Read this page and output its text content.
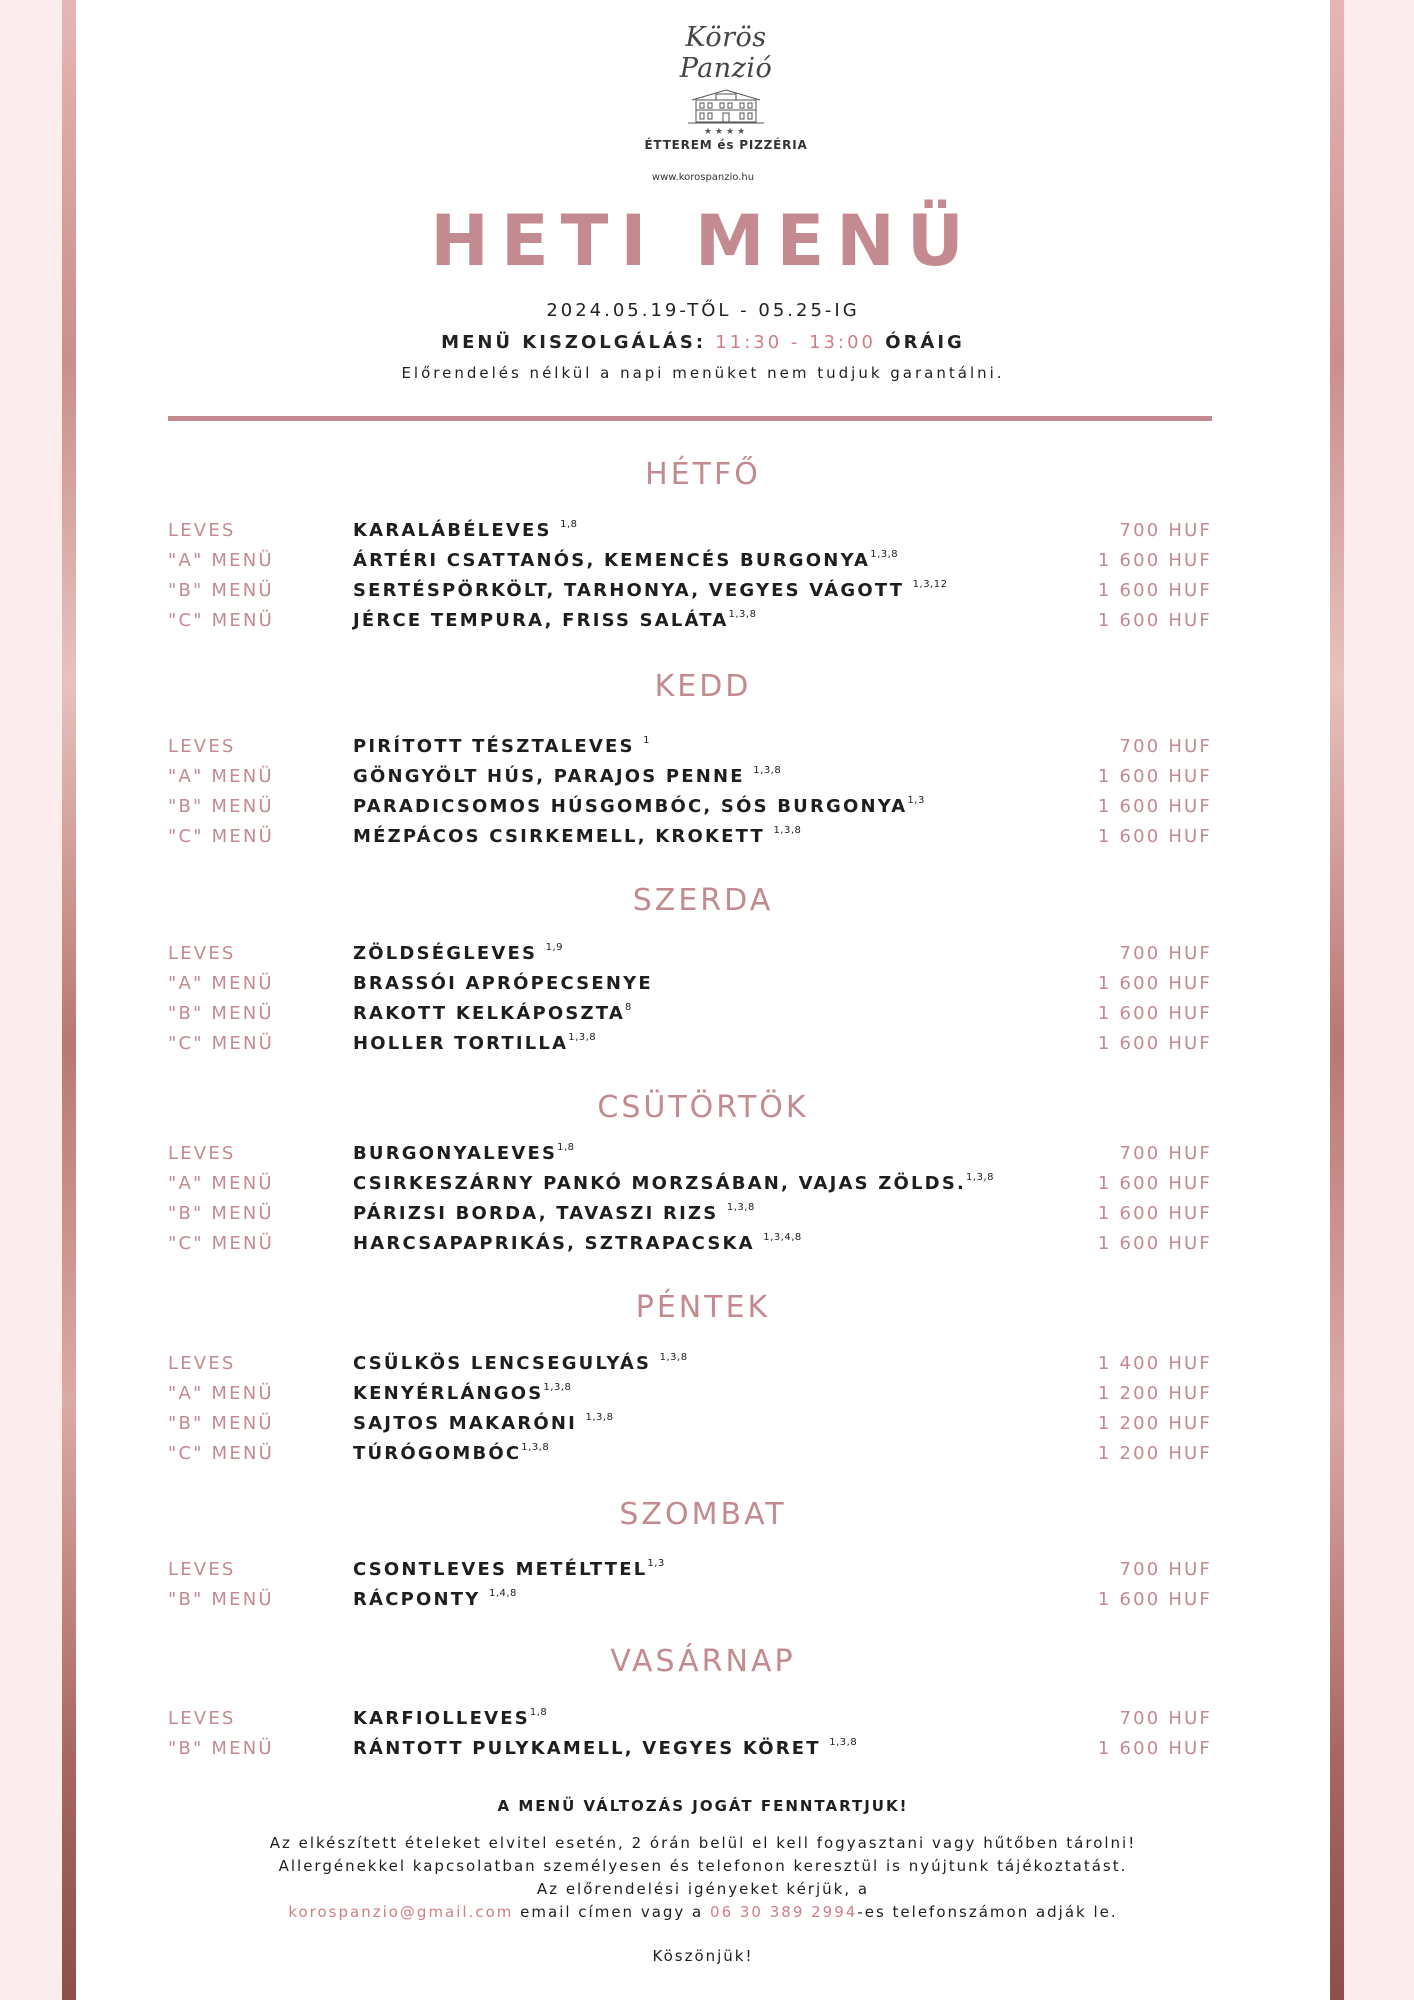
Körös Panzió
★★★★
ÉTTEREM és PIZZÉRIA
www.korospanzio.hu
HETI MENÜ
2024.05.19-TŐL - 05.25-IG
MENÜ KISZOLGÁLÁS: 11:30 - 13:00 ÓRÁIG
Előrendelés nélkül a napi menüket nem tudjuk garantálni.
HÉTFŐ
LEVES	KARALÁBÉLEVES $^{1,8}$	700 HUF
"A" MENÜ	ÁRTÉRI CSATTANÓS, KEMENCÉS BURGONYA$^{1,3,8}$	1 600 HUF
"B" MENÜ	SERTÉSPÖRKÖLT, TARHONYA, VEGYES VÁGOTT $^{1,3,12}$	1 600 HUF
"C" MENÜ	JÉRCE TEMPURA, FRISS SALÁTA$^{1,3,8}$	1 600 HUF
KEDD
LEVES	PIRÍTOTT TÉSZTALEVES $^1$	700 HUF
"A" MENÜ	GÖNGYÖLT HÚS, PARAJOS PENNE $^{1,3,8}$	1 600 HUF
"B" MENÜ	PARADICSOMOS HÚSGOMBÓC, SÓS BURGONYA$^{1,3}$	1 600 HUF
"C" MENÜ	MÉZPÁCOS CSIRKEMELL, KROKETT $^{1,3,8}$	1 600 HUF
SZERDA
LEVES	ZÖLDSÉGLEVES $^{1,9}$	700 HUF
"A" MENÜ	BRASSÓI APRÓPECSENYE	1 600 HUF
"B" MENÜ	RAKOTT KELKÁPOSZTA$^8$	1 600 HUF
"C" MENÜ	HOLLER TORTILLA$^{1,3,8}$	1 600 HUF
CSÜTÖRTÖK
LEVES	BURGONYALEVES$^{1,8}$	700 HUF
"A" MENÜ	CSIRKESZÁRNY PANKÓ MORZSÁBAN, VAJAS ZÖLDS.$^{1,3,8}$	1 600 HUF
"B" MENÜ	PÁRIZSI BORDA, TAVASZI RIZS $^{1,3,8}$	1 600 HUF
"C" MENÜ	HARCSAPAPRIKÁS, SZTRAPACSKA $^{1,3,4,8}$	1 600 HUF
PÉNTEK
LEVES	CSÜLKÖS LENCSEGULYÁS $^{1,3,8}$	1 400 HUF
"A" MENÜ	KENYÉRLÁNGOS$^{1,3,8}$	1 200 HUF
"B" MENÜ	SAJTOS MAKARÓNI $^{1,3,8}$	1 200 HUF
"C" MENÜ	TÚRÓGOMBÓC$^{1,3,8}$	1 200 HUF
SZOMBAT
LEVES	CSONTLEVES METÉLTTEL$^{1,3}$	700 HUF
"B" MENÜ	RÁCPONTY $^{1,4,8}$	1 600 HUF
VASÁRNAP
LEVES	KARFIOLLEVES$^{1,8}$	700 HUF
"B" MENÜ	RÁNTOTT PULYKAMELL, VEGYES KÖRET $^{1,3,8}$	1 600 HUF
A MENÜ VÁLTOZÁS JOGÁT FENNTARTJUK!
Az elkészített ételeket elvitel esetén, 2 órán belül el kell fogyasztani vagy hűtőben tárolni!
Allergénekkel kapcsolatban személyesen és telefonon keresztül is nyújtunk tájékoztatást.
Az előrendelési igényeket kérjük, a
korospanzio@gmail.com email címen vagy a 06 30 389 2994-es telefonszámon adják le.
Köszönjük!
